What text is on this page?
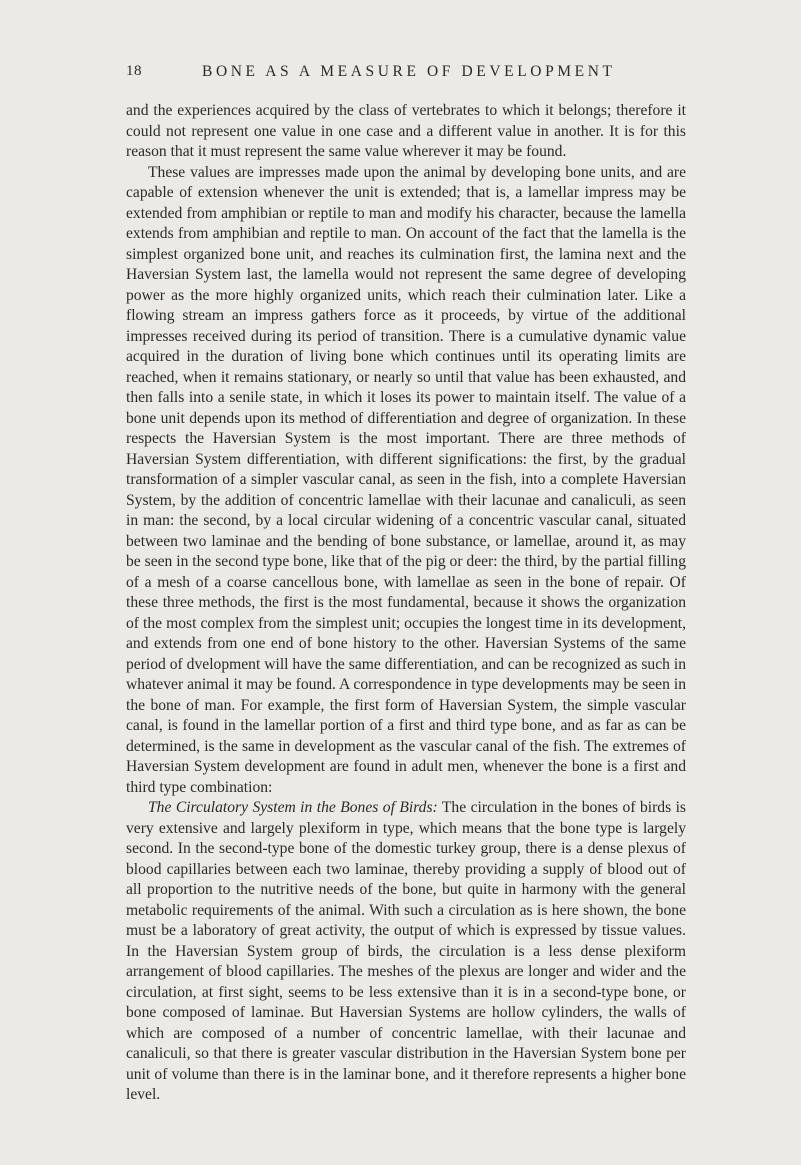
18	BONE AS A MEASURE OF DEVELOPMENT

and the experiences acquired by the class of vertebrates to which it belongs; therefore it could not represent one value in one case and a different value in another. It is for this reason that it must represent the same value wherever it may be found.

These values are impresses made upon the animal by developing bone units, and are capable of extension whenever the unit is extended; that is, a lamellar impress may be extended from amphibian or reptile to man and modify his character, because the lamella extends from amphibian and reptile to man. On account of the fact that the lamella is the simplest organized bone unit, and reaches its culmination first, the lamina next and the Haversian System last, the lamella would not represent the same degree of developing power as the more highly organized units, which reach their culmination later. Like a flowing stream an impress gathers force as it proceeds, by virtue of the additional impresses received during its period of transition. There is a cumulative dynamic value acquired in the duration of living bone which continues until its operating limits are reached, when it remains stationary, or nearly so until that value has been exhausted, and then falls into a senile state, in which it loses its power to maintain itself. The value of a bone unit depends upon its method of differentiation and degree of organization. In these respects the Haversian System is the most important. There are three methods of Haversian System differentiation, with different significations: the first, by the gradual transformation of a simpler vascular canal, as seen in the fish, into a complete Haversian System, by the addition of concentric lamellae with their lacunae and canaliculi, as seen in man: the second, by a local circular widening of a concentric vascular canal, situated between two laminae and the bending of bone substance, or lamellae, around it, as may be seen in the second type bone, like that of the pig or deer: the third, by the partial filling of a mesh of a coarse cancellous bone, with lamellae as seen in the bone of repair. Of these three methods, the first is the most fundamental, because it shows the organization of the most complex from the simplest unit; occupies the longest time in its development, and extends from one end of bone history to the other. Haversian Systems of the same period of dvelopment will have the same differentiation, and can be recognized as such in whatever animal it may be found. A correspondence in type developments may be seen in the bone of man. For example, the first form of Haversian System, the simple vascular canal, is found in the lamellar portion of a first and third type bone, and as far as can be determined, is the same in development as the vascular canal of the fish. The extremes of Haversian System development are found in adult men, whenever the bone is a first and third type combination:

The Circulatory System in the Bones of Birds: The circulation in the bones of birds is very extensive and largely plexiform in type, which means that the bone type is largely second. In the second-type bone of the domestic turkey group, there is a dense plexus of blood capillaries between each two laminae, thereby providing a supply of blood out of all proportion to the nutritive needs of the bone, but quite in harmony with the general metabolic requirements of the animal. With such a circulation as is here shown, the bone must be a laboratory of great activity, the output of which is expressed by tissue values. In the Haversian System group of birds, the circulation is a less dense plexiform arrangement of blood capillaries. The meshes of the plexus are longer and wider and the circulation, at first sight, seems to be less extensive than it is in a second-type bone, or bone composed of laminae. But Haversian Systems are hollow cylinders, the walls of which are composed of a number of concentric lamellae, with their lacunae and canaliculi, so that there is greater vascular distribution in the Haversian System bone per unit of volume than there is in the laminar bone, and it therefore represents a higher bone level.
